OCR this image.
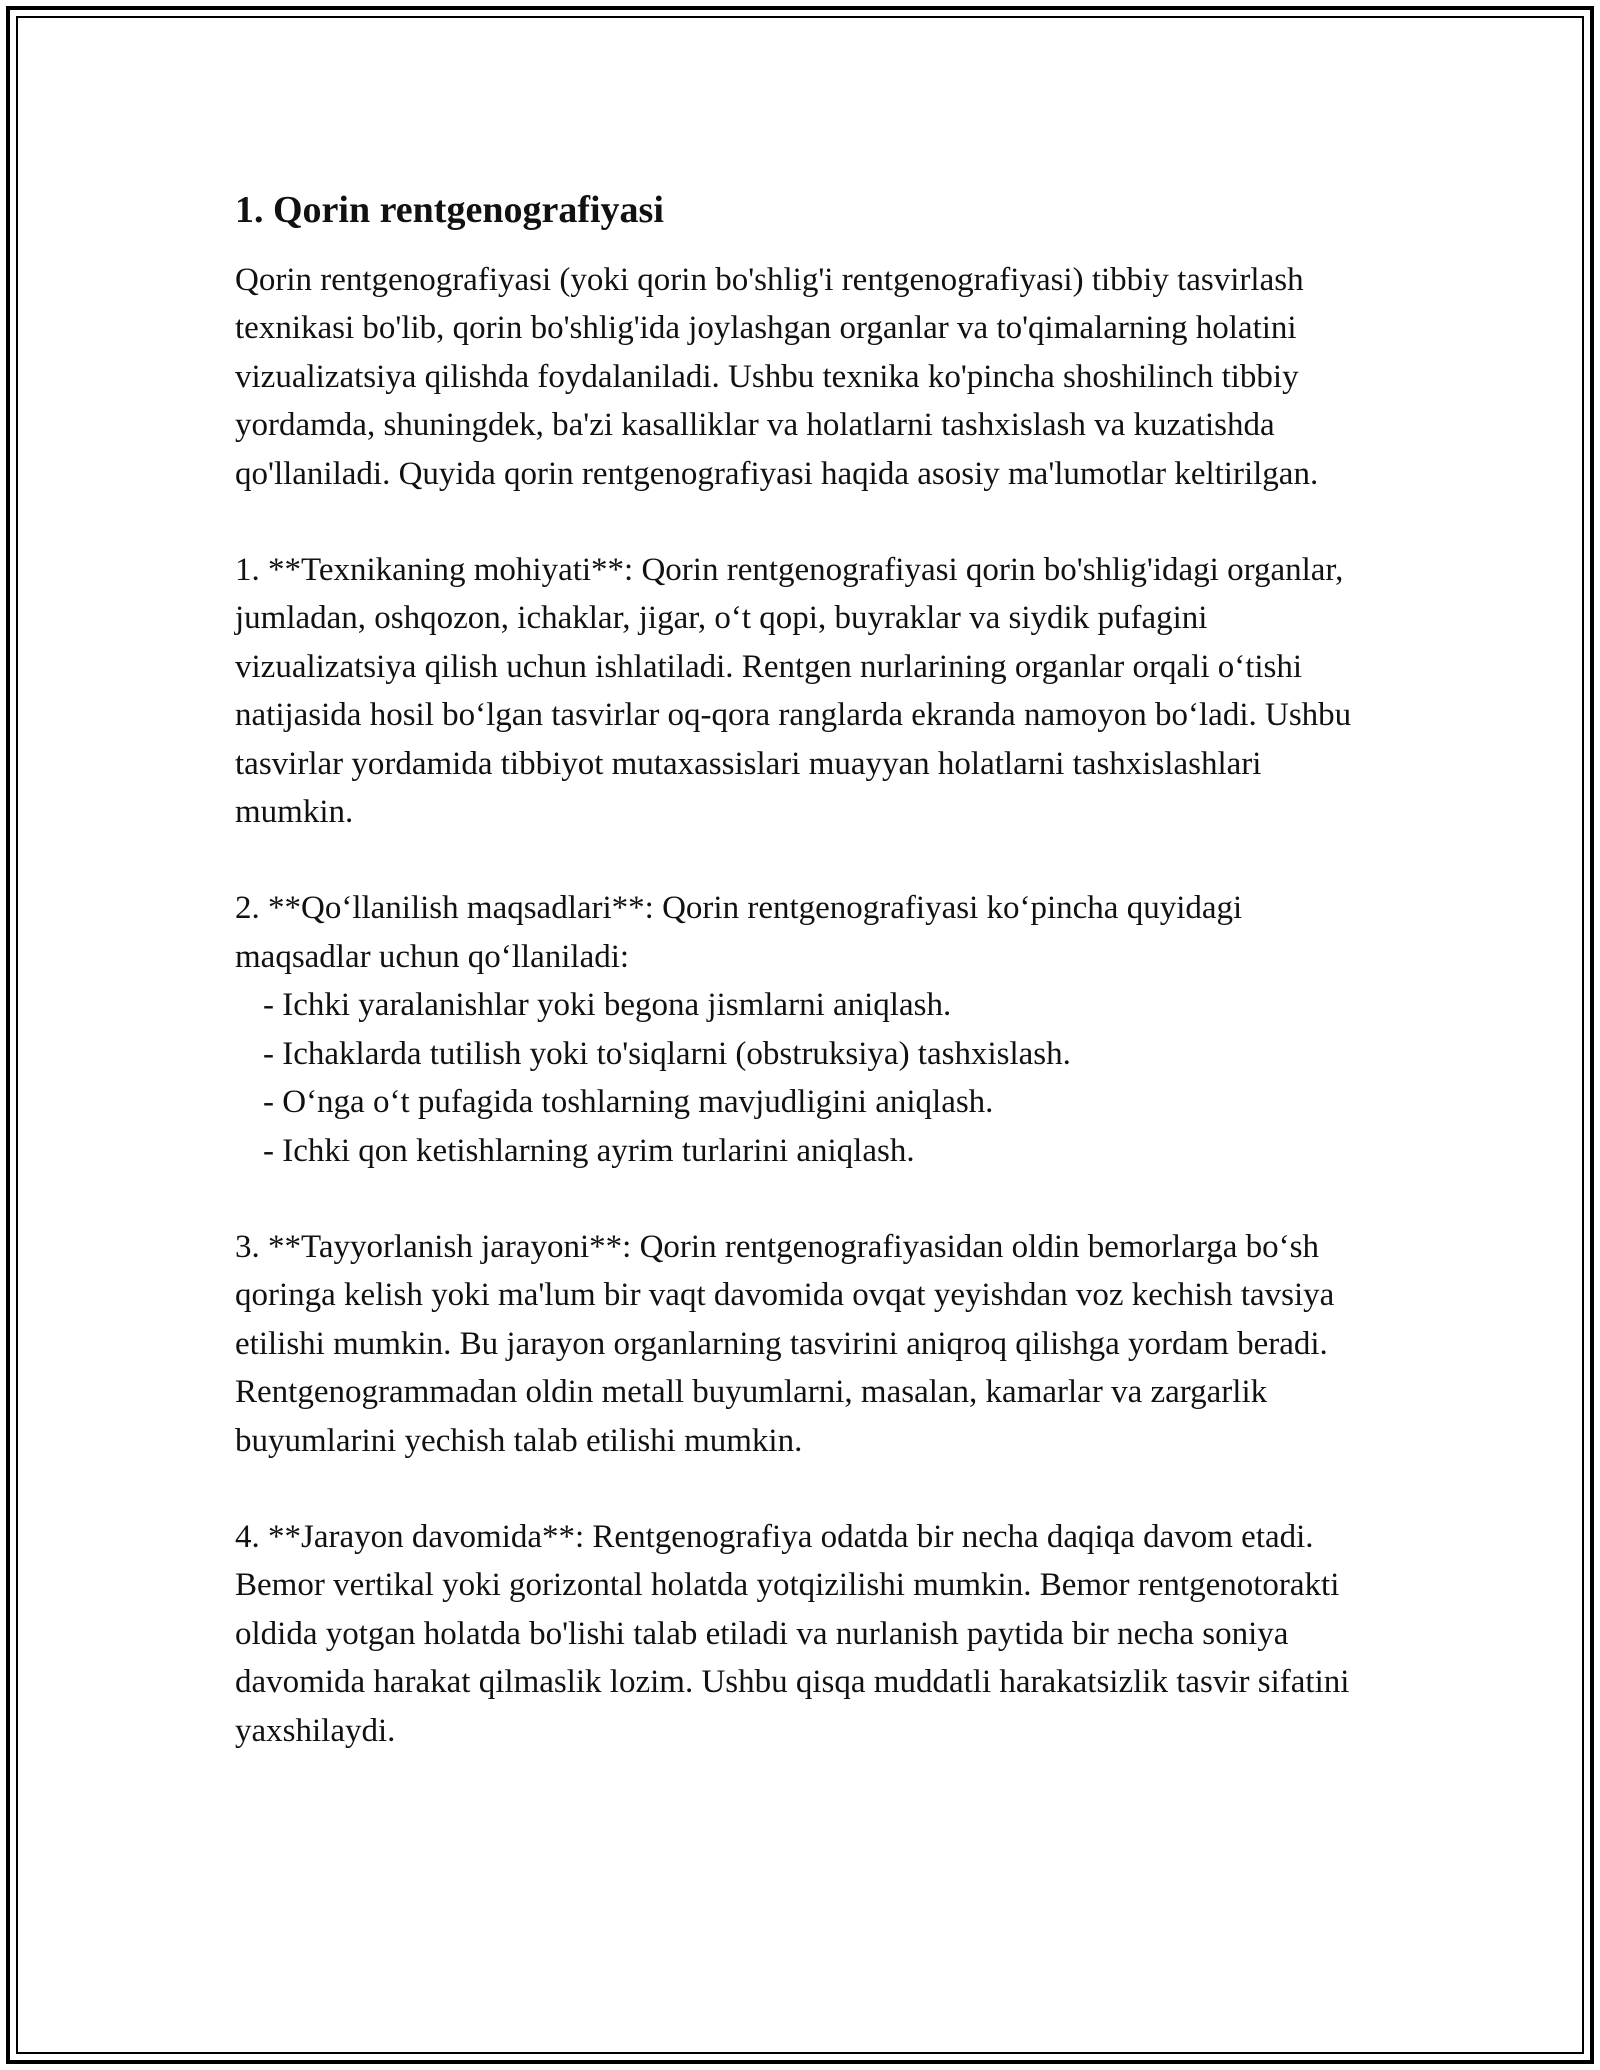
1. Qorin rentgenografiyasi

Qorin rentgenografiyasi (yoki qorin bo'shlig'i rentgenografiyasi) tibbiy tasvirlash texnikasi bo'lib, qorin bo'shlig'ida joylashgan organlar va to'qimalarning holatini vizualizatsiya qilishda foydalaniladi. Ushbu texnika ko'pincha shoshilinch tibbiy yordamda, shuningdek, ba'zi kasalliklar va holatlarni tashxislash va kuzatishda qo'llaniladi. Quyida qorin rentgenografiyasi haqida asosiy ma'lumotlar keltirilgan.

1. **Texnikaning mohiyati**: Qorin rentgenografiyasi qorin bo'shlig'idagi organlar, jumladan, oshqozon, ichaklar, jigar, o‘t qopi, buyraklar va siydik pufagini vizualizatsiya qilish uchun ishlatiladi. Rentgen nurlarining organlar orqali o‘tishi natijasida hosil bo‘lgan tasvirlar oq-qora ranglarda ekranda namoyon bo‘ladi. Ushbu tasvirlar yordamida tibbiyot mutaxassislari muayyan holatlarni tashxislashlari mumkin.

2. **Qo‘llanilish maqsadlari**: Qorin rentgenografiyasi ko‘pincha quyidagi maqsadlar uchun qo‘llaniladi:
- Ichki yaralanishlar yoki begona jismlarni aniqlash.
- Ichaklarda tutilish yoki to'siqlarni (obstruksiya) tashxislash.
- O‘nga o‘t pufagida toshlarning mavjudligini aniqlash.
- Ichki qon ketishlarning ayrim turlarini aniqlash.

3. **Tayyorlanish jarayoni**: Qorin rentgenografiyasidan oldin bemorlarga bo‘sh qoringa kelish yoki ma'lum bir vaqt davomida ovqat yeyishdan voz kechish tavsiya etilishi mumkin. Bu jarayon organlarning tasvirini aniqroq qilishga yordam beradi. Rentgenogrammadan oldin metall buyumlarni, masalan, kamarlar va zargarlik buyumlarini yechish talab etilishi mumkin.

4. **Jarayon davomida**: Rentgenografiya odatda bir necha daqiqa davom etadi. Bemor vertikal yoki gorizontal holatda yotqizilishi mumkin. Bemor rentgenotorakti oldida yotgan holatda bo'lishi talab etiladi va nurlanish paytida bir necha soniya davomida harakat qilmaslik lozim. Ushbu qisqa muddatli harakatsizlik tasvir sifatini yaxshilaydi.
